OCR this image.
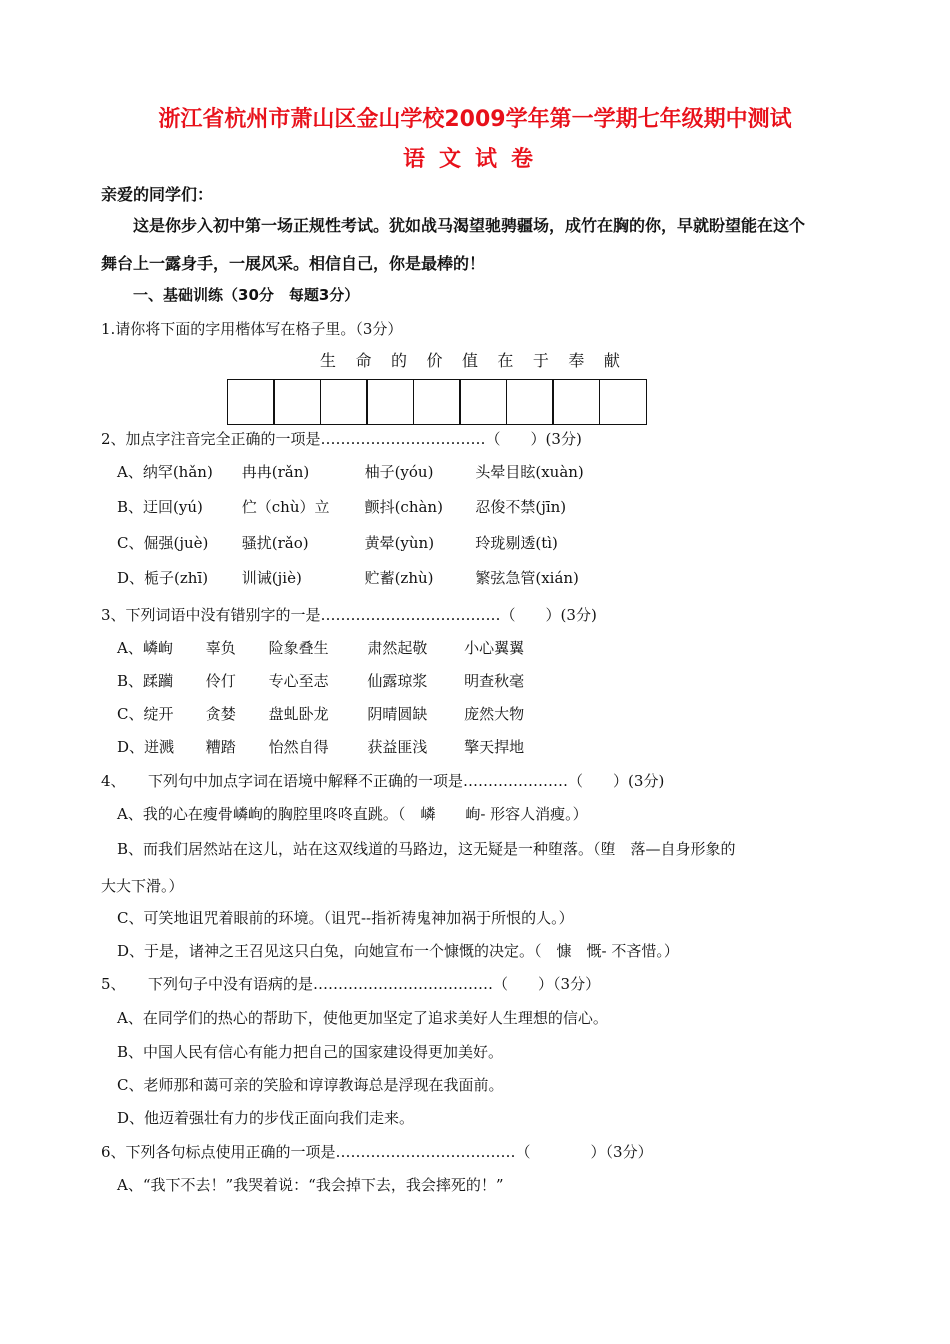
浙江省杭州市萧山区金山学校2009学年第一学期七年级期中测试
语文试卷
亲爱的同学们：
这是你步入初中第一场正规性考试。犹如战马渴望驰骋疆场，成竹在胸的你，早就盼望能在这个
舞台上一露身手，一展风采。相信自己，你是最棒的！
一、基础训练（30分　每题3分）
1.请你将下面的字用楷体写在格子里。（3分）
生 命 的 价 值 在 于 奉 献
2、加点字注音完全正确的一项是……………………………（　　）(3分)
A、纳罕(hǎn) 冉冉(rǎn)	柚子(yóu)	头晕目眩(xuàn)
B、迂回(yú)	伫（chù）立 颤抖(chàn) 忍俊不禁(jīn)
C、倔强(juè) 骚扰(rǎo)	黄晕(yùn)	玲珑剔透(tì)
D、栀子(zhī) 训诫(jiè)	贮蓄(zhù)	繁弦急管(xián)
3、下列词语中没有错别字的一是………………………………（　　）(3分)
A、嶙峋 辜负 险象叠生	肃然起敬 小心翼翼
B、蹂躏 伶仃 专心至志	仙露琼浆 明查秋毫
C、绽开 贪婪 盘虬卧龙	阴晴圆缺 庞然大物
D、迸溅 糟踏 怡然自得	获益匪浅 擎天捍地
4、　　下列句中加点字词在语境中解释不正确的一项是…………………（　　）(3分)
A、我的心在瘦骨嶙峋的胸腔里咚咚直跳。（　嶙　　峋- 形容人消瘦。）
B、而我们居然站在这儿，站在这双线道的马路边，这无疑是一种堕落。（堕　落—自身形象的
大大下滑。）
C、可笑地诅咒着眼前的环境。（诅咒--指祈祷鬼神加祸于所恨的人。）
D、于是，诸神之王召见这只白兔，向她宣布一个慷慨的决定。（　慷　慨- 不吝惜。）
5、　　下列句子中没有语病的是………………………………（　　）（3分）
A、在同学们的热心的帮助下，使他更加坚定了追求美好人生理想的信心。
B、中国人民有信心有能力把自己的国家建设得更加美好。
C、老师那和蔼可亲的笑脸和谆谆教诲总是浮现在我面前。
D、他迈着强壮有力的步伐正面向我们走来。
6、下列各句标点使用正确的一项是………………………………（　　　　）（3分）
A、“我下不去！”我哭着说：“我会掉下去，我会摔死的！”
